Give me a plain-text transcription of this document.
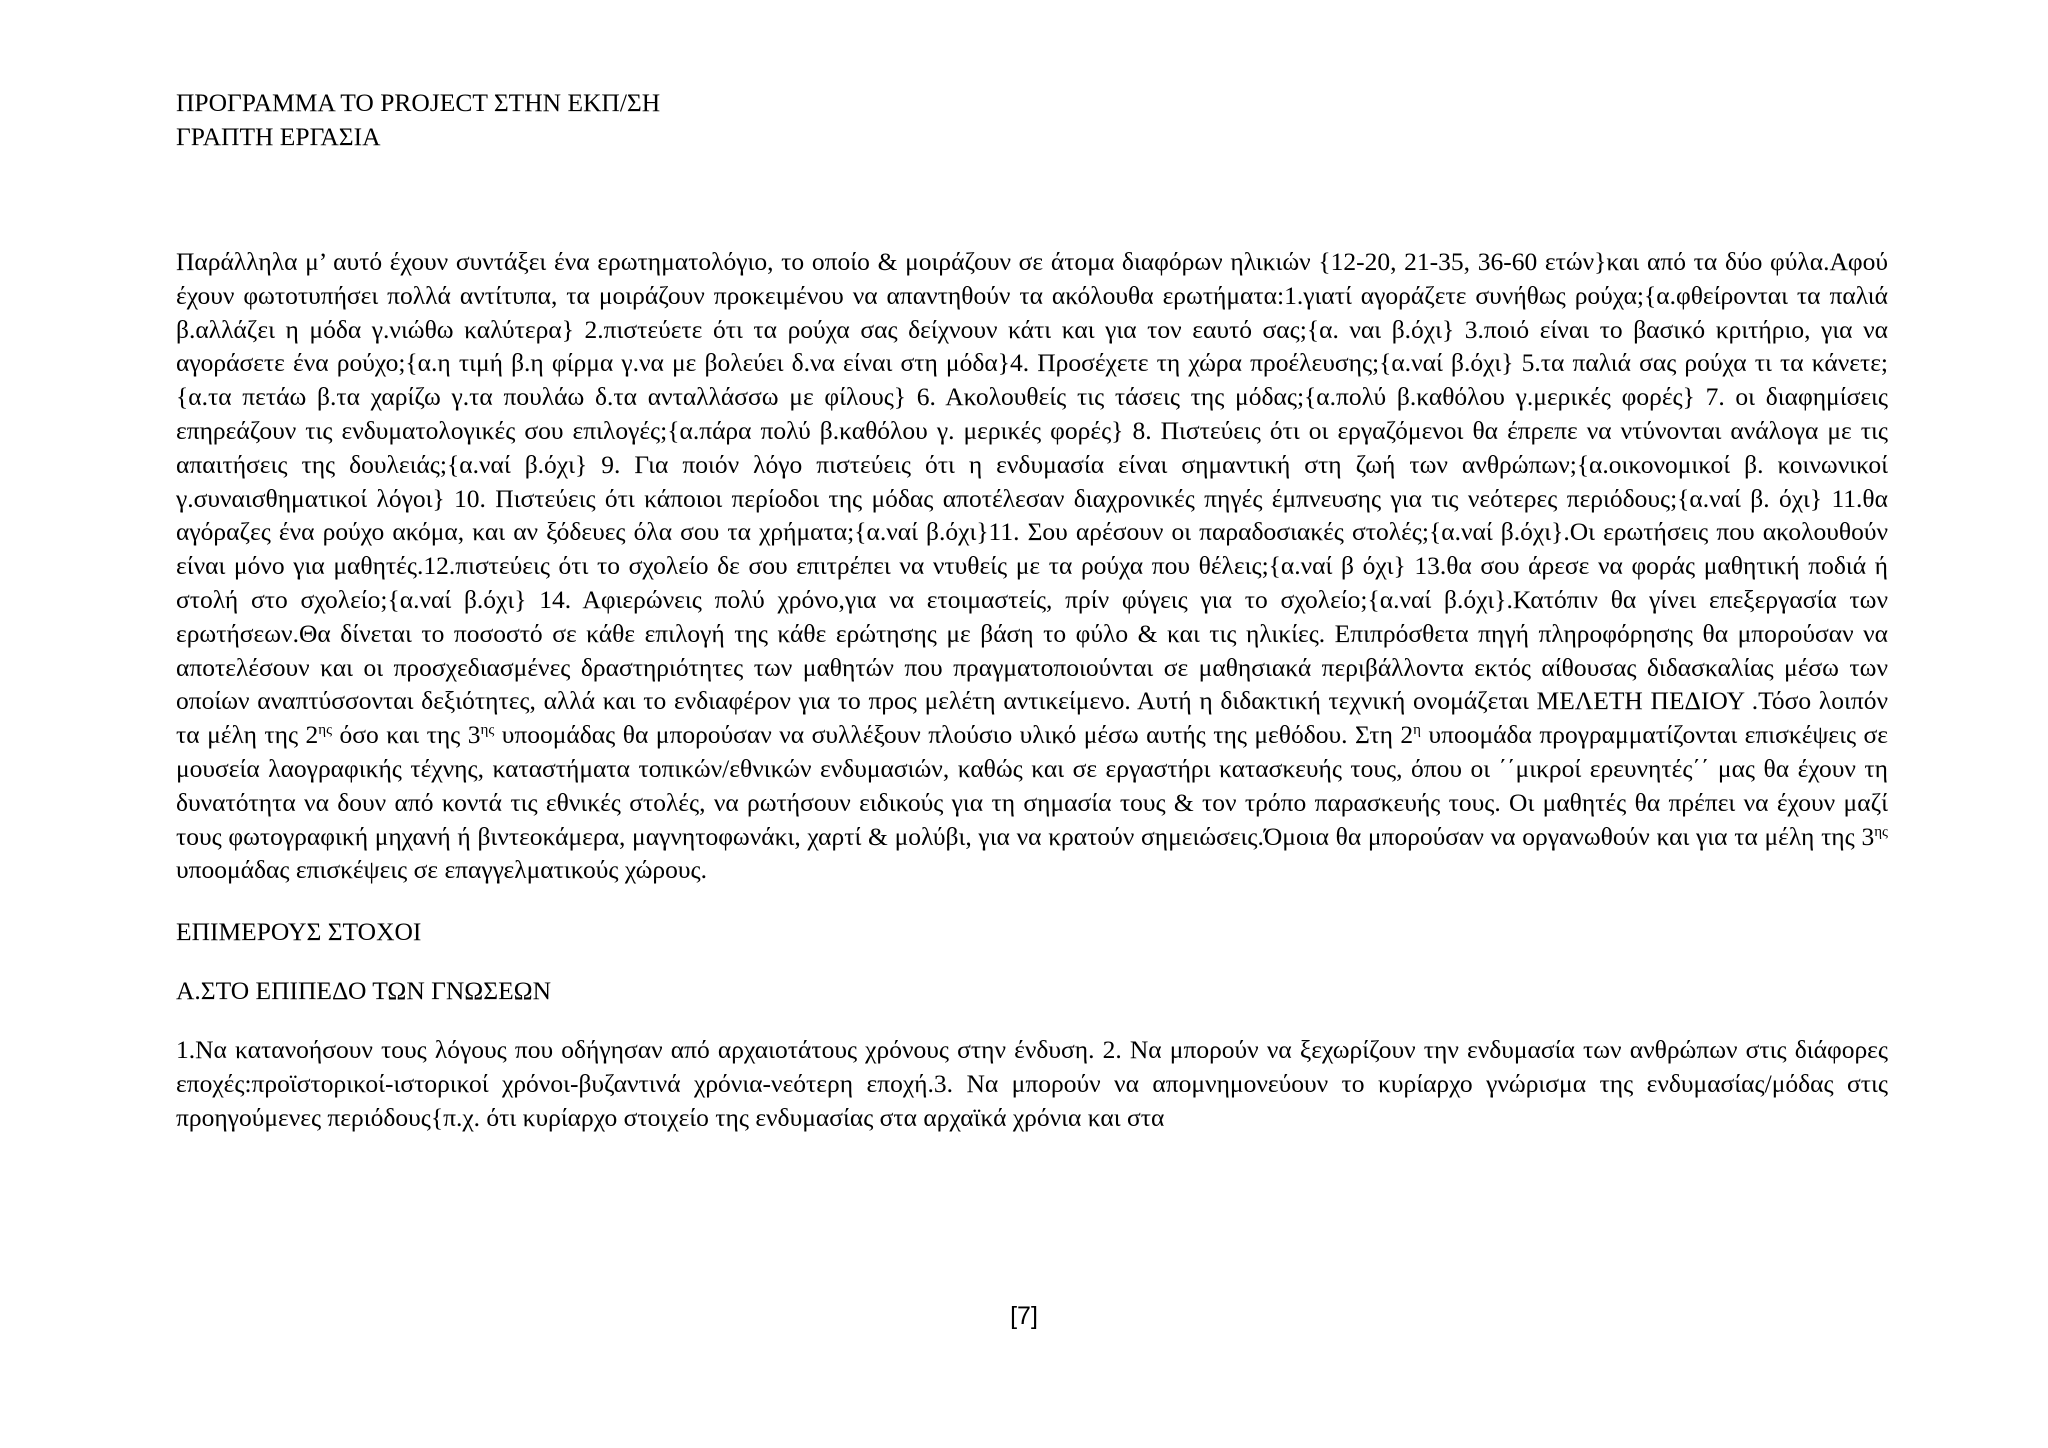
ΠΡΟΓΡΑΜΜΑ ΤΟ PROJECT ΣΤΗΝ ΕΚΠ/ΣΗ

ΓΡΑΠΤΗ ΕΡΓΑΣΙΑ

Παράλληλα μ’ αυτό έχουν συντάξει ένα ερωτηματολόγιο, το οποίο & μοιράζουν σε άτομα διαφόρων ηλικιών {12-20, 21-35, 36-60 ετών}και από τα δύο φύλα.Αφού έχουν φωτοτυπήσει πολλά αντίτυπα, τα μοιράζουν προκειμένου να απαντηθούν τα ακόλουθα ερωτήματα:1.γιατί αγοράζετε συνήθως ρούχα;{α.φθείρονται τα παλιά β.αλλάζει η μόδα γ.νιώθω καλύτερα} 2.πιστεύετε ότι τα ρούχα σας δείχνουν κάτι και για τον εαυτό σας;{α. ναι β.όχι} 3.ποιό είναι το βασικό κριτήριο, για να αγοράσετε ένα ρούχο;{α.η τιμή β.η φίρμα γ.να με βολεύει δ.να είναι στη μόδα}4. Προσέχετε τη χώρα προέλευσης;{α.ναί β.όχι} 5.τα παλιά σας ρούχα τι τα κάνετε;{α.τα πετάω β.τα χαρίζω γ.τα πουλάω δ.τα ανταλλάσσω με φίλους} 6. Ακολουθείς τις τάσεις της μόδας;{α.πολύ β.καθόλου γ.μερικές φορές} 7. οι διαφημίσεις επηρεάζουν τις ενδυματολογικές σου επιλογές;{α.πάρα πολύ β.καθόλου γ. μερικές φορές} 8. Πιστεύεις ότι οι εργαζόμενοι θα έπρεπε να ντύνονται ανάλογα με τις απαιτήσεις της δουλειάς;{α.ναί β.όχι} 9. Για ποιόν λόγο πιστεύεις ότι η ενδυμασία είναι σημαντική στη ζωή των ανθρώπων;{α.οικονομικοί β. κοινωνικοί γ.συναισθηματικοί λόγοι} 10. Πιστεύεις ότι κάποιοι περίοδοι της μόδας αποτέλεσαν διαχρονικές πηγές έμπνευσης για τις νεότερες περιόδους;{α.ναί β. όχι} 11.θα αγόραζες ένα ρούχο ακόμα, και αν ξόδευες όλα σου τα χρήματα;{α.ναί β.όχι}11. Σου αρέσουν οι παραδοσιακές στολές;{α.ναί β.όχι}.Οι ερωτήσεις που ακολουθούν είναι μόνο για μαθητές.12.πιστεύεις ότι το σχολείο δε σου επιτρέπει να ντυθείς με τα ρούχα που θέλεις;{α.ναί β όχι} 13.θα σου άρεσε να φοράς μαθητική ποδιά ή στολή στο σχολείο;{α.ναί β.όχι} 14. Αφιερώνεις πολύ χρόνο,για να ετοιμαστείς, πρίν φύγεις για το σχολείο;{α.ναί β.όχι}.Κατόπιν θα γίνει επεξεργασία των ερωτήσεων.Θα δίνεται το ποσοστό σε κάθε επιλογή της κάθε ερώτησης με βάση το φύλο & και τις ηλικίες. Επιπρόσθετα πηγή πληροφόρησης θα μπορούσαν να αποτελέσουν και οι προσχεδιασμένες δραστηριότητες των μαθητών που πραγματοποιούνται σε μαθησιακά περιβάλλοντα εκτός αίθουσας διδασκαλίας μέσω των οποίων αναπτύσσονται δεξιότητες, αλλά και το ενδιαφέρον για το προς μελέτη αντικείμενο. Αυτή η διδακτική τεχνική ονομάζεται ΜΕΛΕΤΗ ΠΕΔΙΟΥ .Τόσο λοιπόν τα μέλη της $2^{\eta\varsigma}$ όσο και της $3^{\eta\varsigma}$ υποομάδας θα μπορούσαν να συλλέξουν πλούσιο υλικό μέσω αυτής της μεθόδου. Στη $2^\eta$ υποομάδα προγραμματίζονται επισκέψεις σε μουσεία λαογραφικής τέχνης, καταστήματα τοπικών/εθνικών ενδυμασιών, καθώς και σε εργαστήρι κατασκευής τους, όπου οι ΄΄μικροί ερευνητές΄΄ μας θα έχουν τη δυνατότητα να δουν από κοντά τις εθνικές στολές, να ρωτήσουν ειδικούς για τη σημασία τους & τον τρόπο παρασκευής τους. Οι μαθητές θα πρέπει να έχουν μαζί τους φωτογραφική μηχανή ή βιντεοκάμερα, μαγνητοφωνάκι, χαρτί & μολύβι, για να κρατούν σημειώσεις.Όμοια θα μπορούσαν να οργανωθούν και για τα μέλη της $3^{\eta\varsigma}$ υποομάδας επισκέψεις σε επαγγελματικούς χώρους.

ΕΠΙΜΕΡΟΥΣ ΣΤΟΧΟΙ

Α.ΣΤΟ ΕΠΙΠΕΔΟ ΤΩΝ ΓΝΩΣΕΩΝ

1.Να κατανοήσουν τους λόγους που οδήγησαν από αρχαιοτάτους χρόνους στην ένδυση. 2. Να μπορούν να ξεχωρίζουν την ενδυμασία των ανθρώπων στις διάφορες εποχές:προϊστορικοί-ιστορικοί χρόνοι-βυζαντινά χρόνια-νεότερη εποχή.3. Να μπορούν να απομνημονεύουν το κυρίαρχο γνώρισμα της ενδυμασίας/μόδας στις προηγούμενες περιόδους{π.χ. ότι κυρίαρχο στοιχείο της ενδυμασίας στα αρχαϊκά χρόνια και στα

[7]
